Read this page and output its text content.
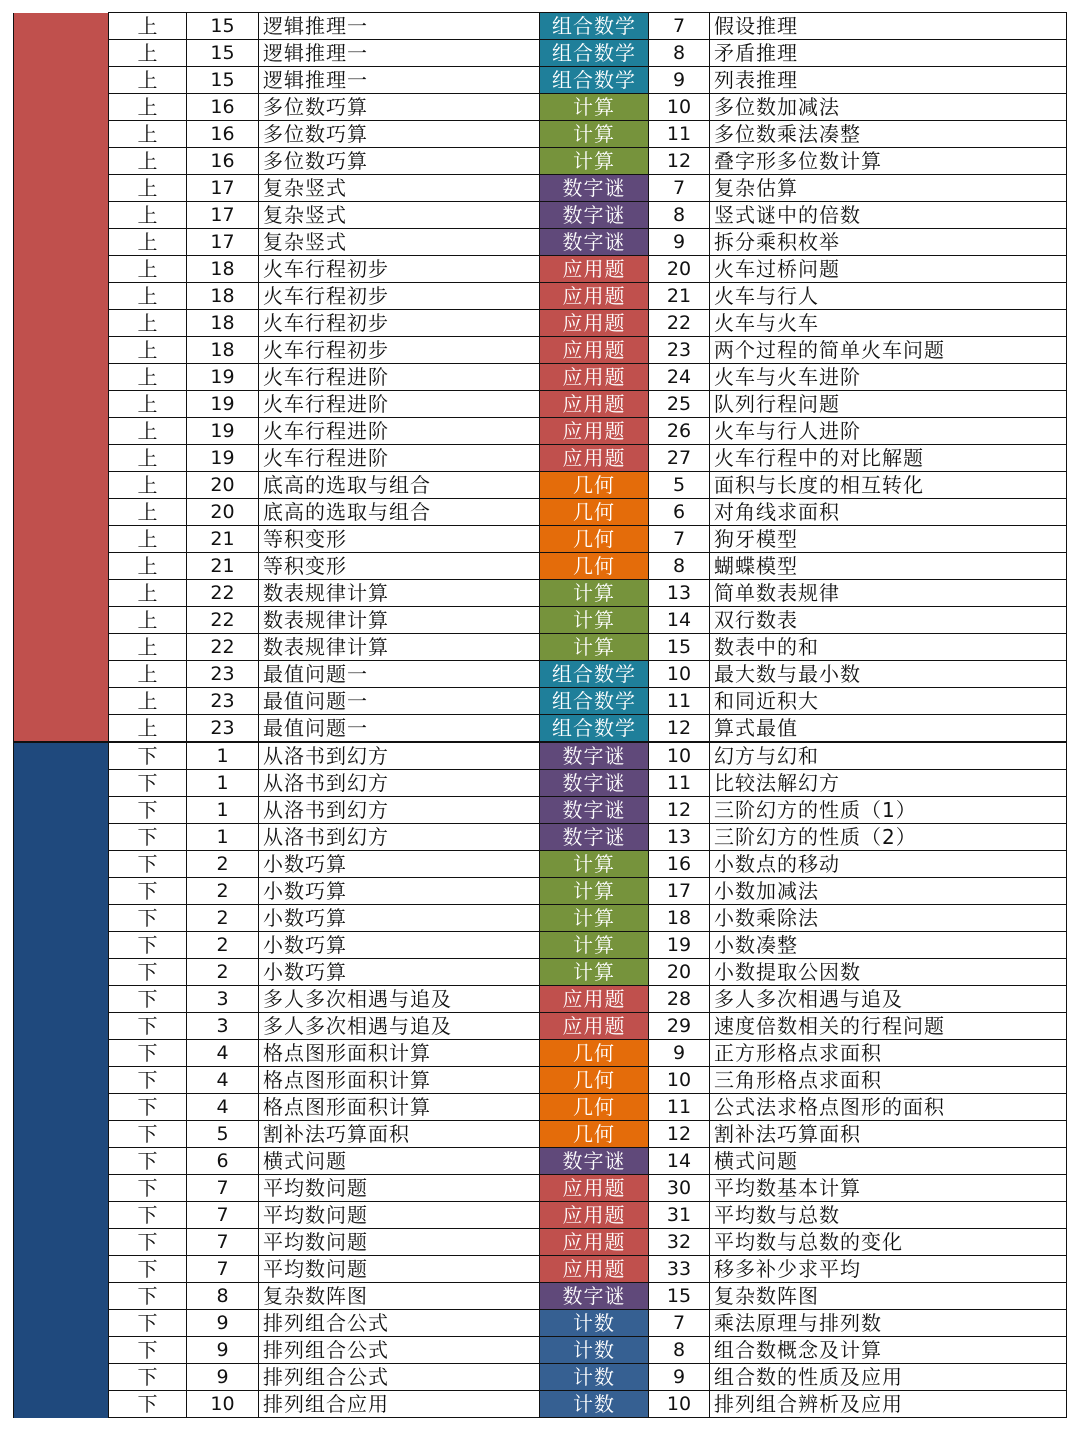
	上	15	逻辑推理一	组合数学	7	假设推理
	上	15	逻辑推理一	组合数学	8	矛盾推理
	上	15	逻辑推理一	组合数学	9	列表推理
	上	16	多位数巧算	计算	10	多位数加减法
	上	16	多位数巧算	计算	11	多位数乘法凑整
	上	16	多位数巧算	计算	12	叠字形多位数计算
	上	17	复杂竖式	数字谜	7	复杂估算
	上	17	复杂竖式	数字谜	8	竖式谜中的倍数
	上	17	复杂竖式	数字谜	9	拆分乘积枚举
	上	18	火车行程初步	应用题	20	火车过桥问题
	上	18	火车行程初步	应用题	21	火车与行人
	上	18	火车行程初步	应用题	22	火车与火车
	上	18	火车行程初步	应用题	23	两个过程的简单火车问题
	上	19	火车行程进阶	应用题	24	火车与火车进阶
	上	19	火车行程进阶	应用题	25	队列行程问题
	上	19	火车行程进阶	应用题	26	火车与行人进阶
	上	19	火车行程进阶	应用题	27	火车行程中的对比解题
	上	20	底高的选取与组合	几何	5	面积与长度的相互转化
	上	20	底高的选取与组合	几何	6	对角线求面积
	上	21	等积变形	几何	7	狗牙模型
	上	21	等积变形	几何	8	蝴蝶模型
	上	22	数表规律计算	计算	13	简单数表规律
	上	22	数表规律计算	计算	14	双行数表
	上	22	数表规律计算	计算	15	数表中的和
	上	23	最值问题一	组合数学	10	最大数与最小数
	上	23	最值问题一	组合数学	11	和同近积大
	上	23	最值问题一	组合数学	12	算式最值
	下	1	从洛书到幻方	数字谜	10	幻方与幻和
	下	1	从洛书到幻方	数字谜	11	比较法解幻方
	下	1	从洛书到幻方	数字谜	12	三阶幻方的性质（1）
	下	1	从洛书到幻方	数字谜	13	三阶幻方的性质（2）
	下	2	小数巧算	计算	16	小数点的移动
	下	2	小数巧算	计算	17	小数加减法
	下	2	小数巧算	计算	18	小数乘除法
	下	2	小数巧算	计算	19	小数凑整
	下	2	小数巧算	计算	20	小数提取公因数
	下	3	多人多次相遇与追及	应用题	28	多人多次相遇与追及
	下	3	多人多次相遇与追及	应用题	29	速度倍数相关的行程问题
	下	4	格点图形面积计算	几何	9	正方形格点求面积
	下	4	格点图形面积计算	几何	10	三角形格点求面积
	下	4	格点图形面积计算	几何	11	公式法求格点图形的面积
	下	5	割补法巧算面积	几何	12	割补法巧算面积
	下	6	横式问题	数字谜	14	横式问题
	下	7	平均数问题	应用题	30	平均数基本计算
	下	7	平均数问题	应用题	31	平均数与总数
	下	7	平均数问题	应用题	32	平均数与总数的变化
	下	7	平均数问题	应用题	33	移多补少求平均
	下	8	复杂数阵图	数字谜	15	复杂数阵图
	下	9	排列组合公式	计数	7	乘法原理与排列数
	下	9	排列组合公式	计数	8	组合数概念及计算
	下	9	排列组合公式	计数	9	组合数的性质及应用
	下	10	排列组合应用	计数	10	排列组合辨析及应用
